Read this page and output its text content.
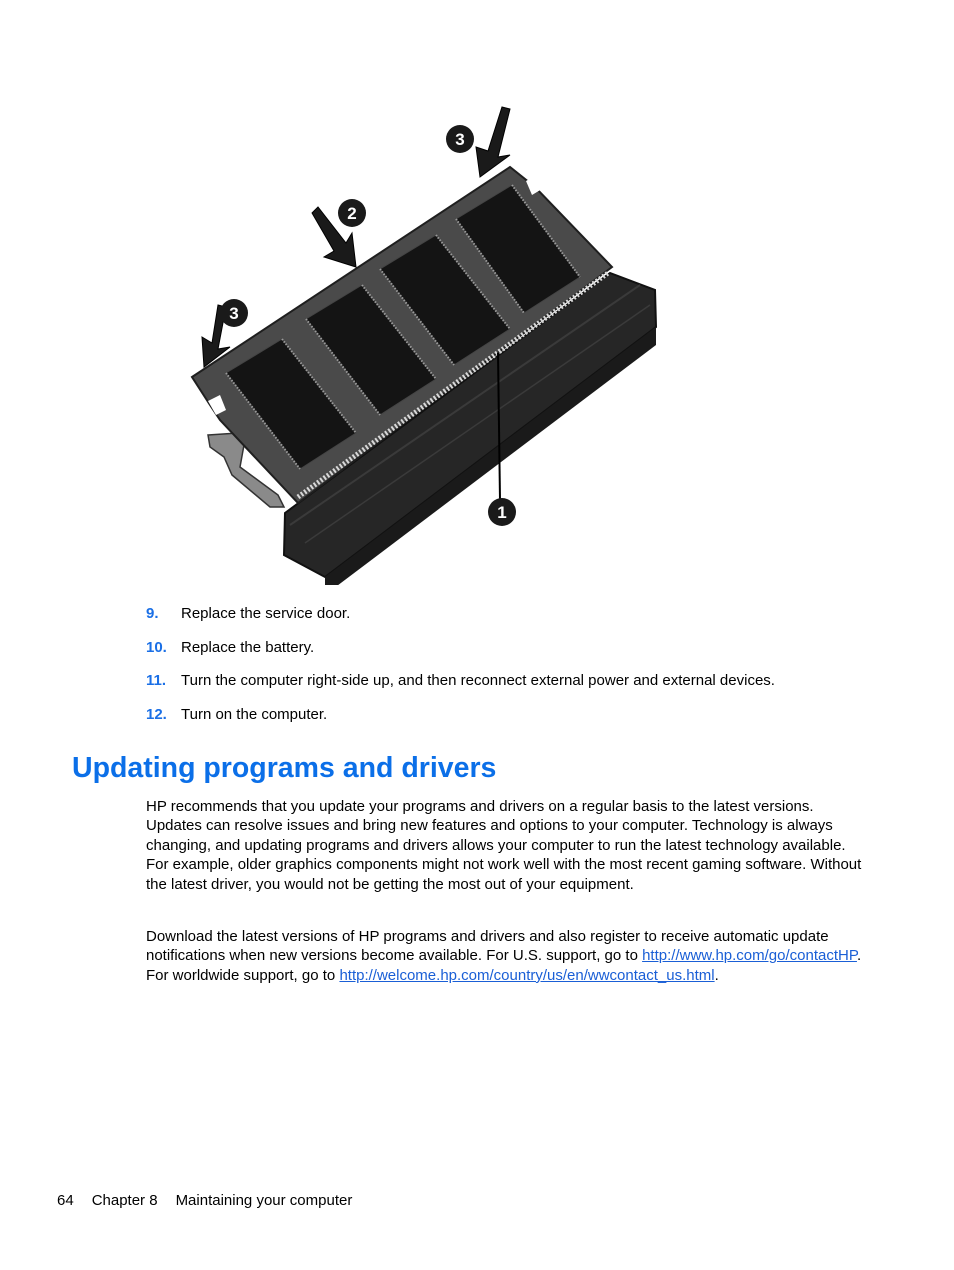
3
2
3
1
9. Replace the service door.
10. Replace the battery.
11. Turn the computer right-side up, and then reconnect external power and external devices.
12. Turn on the computer.
Updating programs and drivers

HP recommends that you update your programs and drivers on a regular basis to the latest versions. Updates can resolve issues and bring new features and options to your computer. Technology is always changing, and updating programs and drivers allows your computer to run the latest technology available. For example, older graphics components might not work well with the most recent gaming software. Without the latest driver, you would not be getting the most out of your equipment.

Download the latest versions of HP programs and drivers and also register to receive automatic update notifications when new versions become available. For U.S. support, go to http://www.hp.com/go/contactHP. For worldwide support, go to http://welcome.hp.com/country/us/en/wwcontact_us.html.

64 Chapter 8 Maintaining your computer
